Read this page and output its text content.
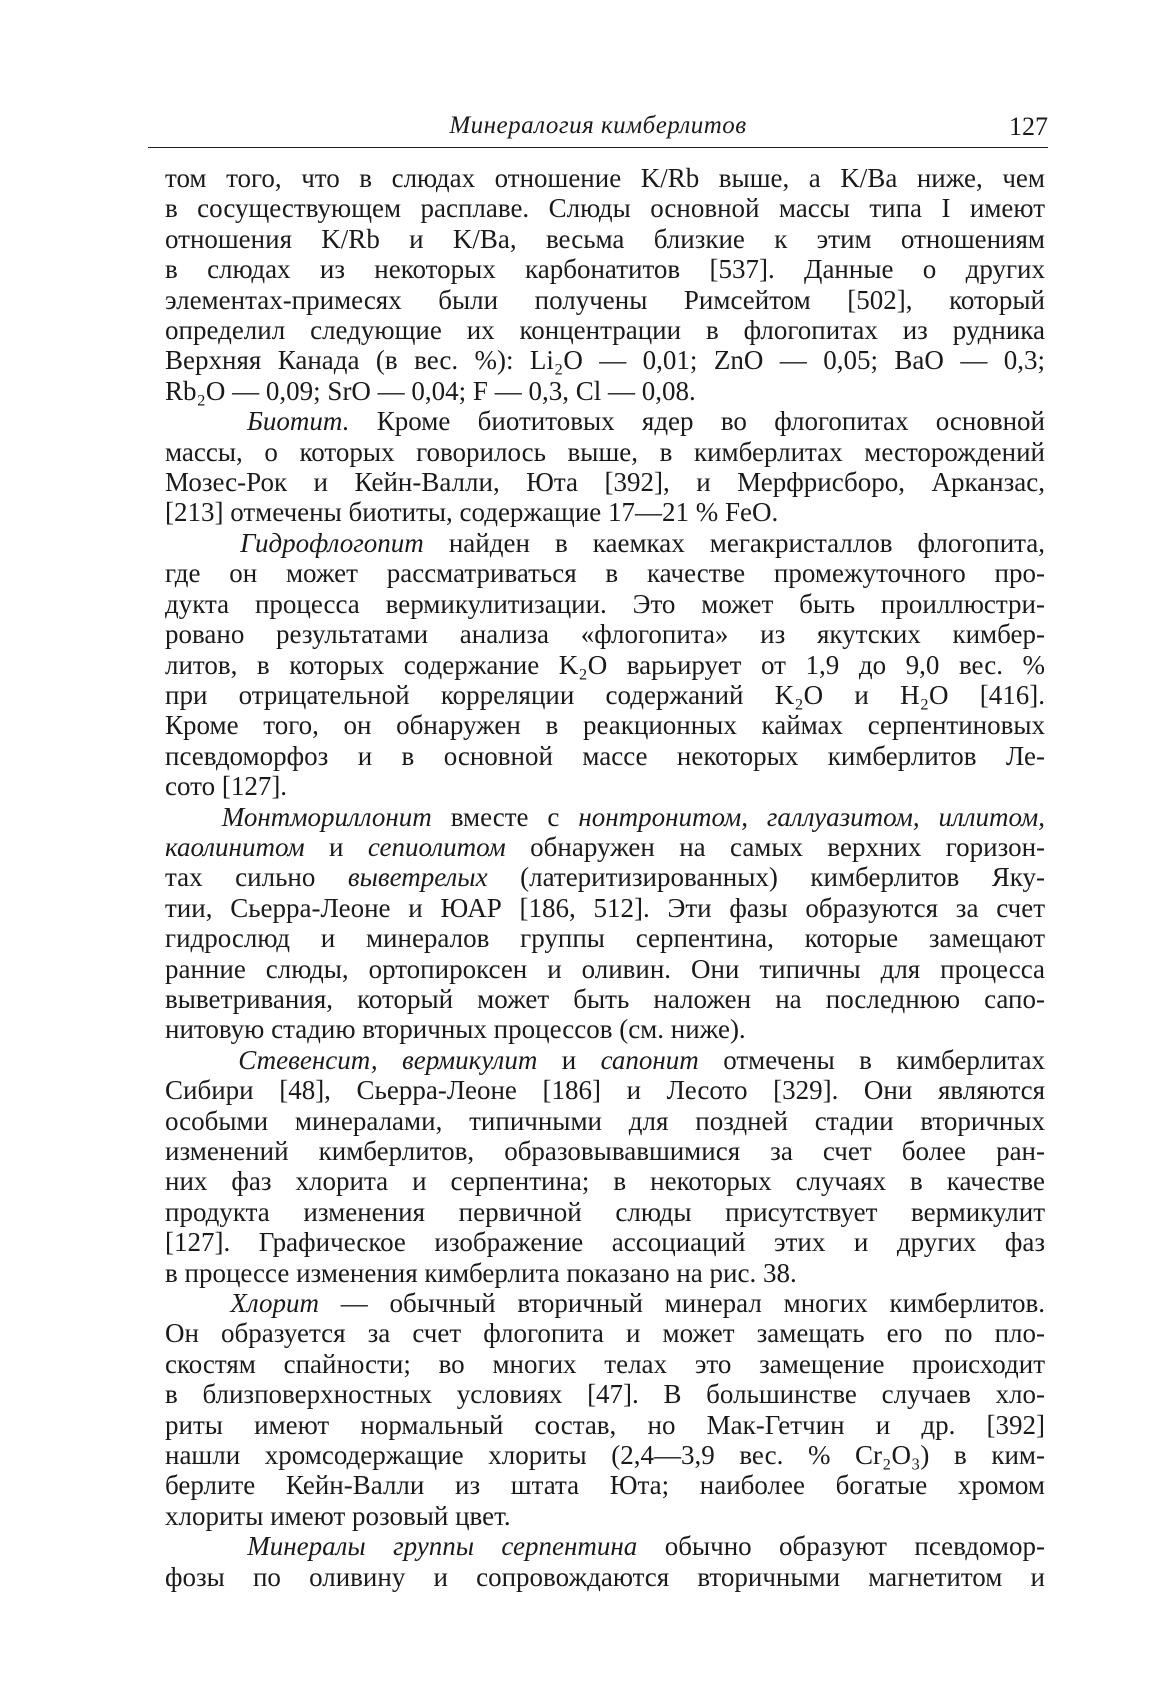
Минералогия кимберлитов	127
том того, что в слюдах отношение K/Rb выше, а K/Ba ниже, чем
в сосуществующем расплаве. Слюды основной массы типа I имеют
отношения K/Rb и K/Ba, весьма близкие к этим отношениям
в слюдах из некоторых карбонатитов [537]. Данные о других
элементах-примесях были получены Римсейтом [502], который
определил следующие их концентрации в флогопитах из рудника
Верхняя Канада (в вес. %): Li₂O — 0,01; ZnO — 0,05; BaO — 0,3;
Rb₂O — 0,09; SrO — 0,04; F — 0,3, Cl — 0,08.
Биотит. Кроме биотитовых ядер во флогопитах основной
массы, о которых говорилось выше, в кимберлитах месторождений
Мозес-Рок и Кейн-Валли, Юта [392], и Мерфрисборо, Арканзас,
[213] отмечены биотиты, содержащие 17—21 % FeO.
Гидрофлогопит найден в каемках мегакристаллов флогопита,
где он может рассматриваться в качестве промежуточного про-
дукта процесса вермикулитизации. Это может быть проиллюстри-
ровано результатами анализа «флогопита» из якутских кимбер-
литов, в которых содержание K₂O варьирует от 1,9 до 9,0 вес. %
при отрицательной корреляции содержаний K₂O и H₂O [416].
Кроме того, он обнаружен в реакционных каймах серпентиновых
псевдоморфоз и в основной массе некоторых кимберлитов Ле-
сото [127].
Монтмориллонит вместе с нонтронитом, галлуазитом, иллитом,
каолинитом и сепиолитом обнаружен на самых верхних горизон-
тах сильно выветрелых (латеритизированных) кимберлитов Яку-
тии, Сьерра-Леоне и ЮАР [186, 512]. Эти фазы образуются за счет
гидрослюд и минералов группы серпентина, которые замещают
ранние слюды, ортопироксен и оливин. Они типичны для процесса
выветривания, который может быть наложен на последнюю сапо-
нитовую стадию вторичных процессов (см. ниже).
Стевенсит, вермикулит и сапонит отмечены в кимберлитах
Сибири [48], Сьерра-Леоне [186] и Лесото [329]. Они являются
особыми минералами, типичными для поздней стадии вторичных
изменений кимберлитов, образовывавшимися за счет более ран-
них фаз хлорита и серпентина; в некоторых случаях в качестве
продукта изменения первичной слюды присутствует вермикулит
[127]. Графическое изображение ассоциаций этих и других фаз
в процессе изменения кимберлита показано на рис. 38.
Хлорит — обычный вторичный минерал многих кимберлитов.
Он образуется за счет флогопита и может замещать его по пло-
скостям спайности; во многих телах это замещение происходит
в близповерхностных условиях [47]. В большинстве случаев хло-
риты имеют нормальный состав, но Мак-Гетчин и др. [392]
нашли хромсодержащие хлориты (2,4—3,9 вес. % Cr₂O₃) в ким-
берлите Кейн-Валли из штата Юта; наиболее богатые хромом
хлориты имеют розовый цвет.
Минералы группы серпентина обычно образуют псевдомор-
фозы по оливину и сопровождаются вторичными магнетитом и
